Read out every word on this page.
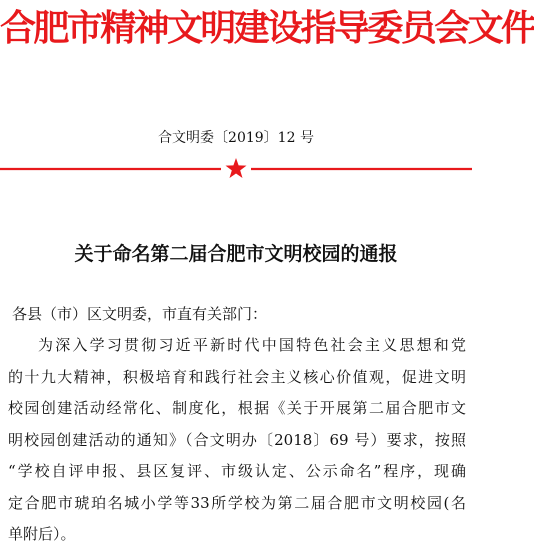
合肥市精神文明建设指导委员会文件
合文明委〔2019〕12 号
关于命名第二届合肥市文明校园的通报
各县（市）区文明委，市直有关部门：
为深入学习贯彻习近平新时代中国特色社会主义思想和党
的十九大精神，积极培育和践行社会主义核心价值观，促进文明
校园创建活动经常化、制度化，根据《关于开展第二届合肥市文
明校园创建活动的通知》（合文明办〔2018〕69 号）要求，按照
“学校自评申报、县区复评、市级认定、公示命名”程序，现确
定合肥市琥珀名城小学等33所学校为第二届合肥市文明校园(名
单附后）。
